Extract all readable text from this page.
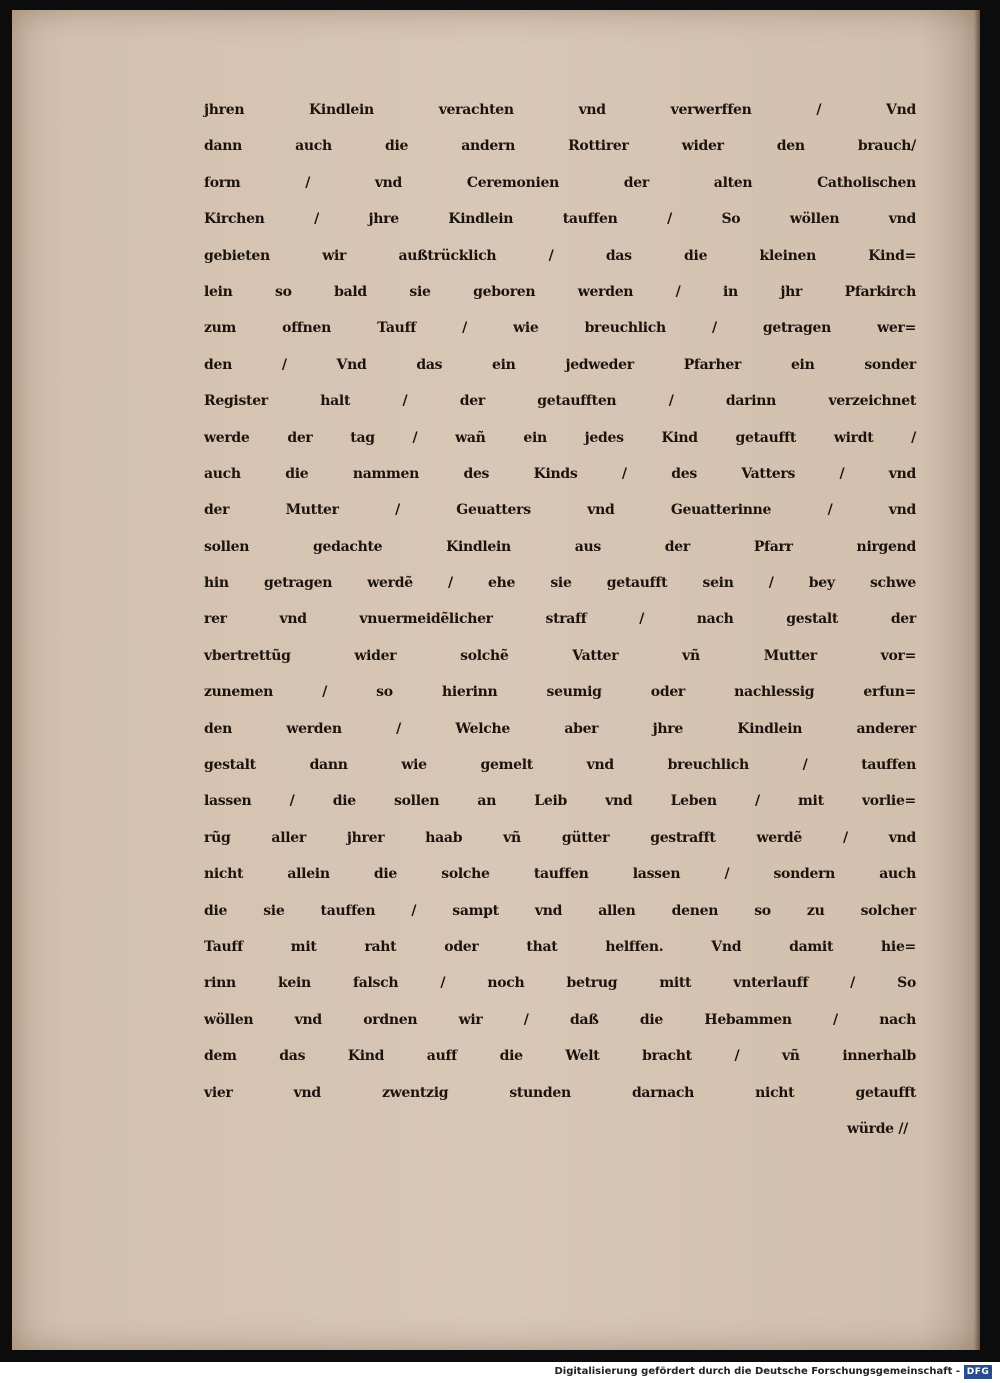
jhren Kindlein verachten vnd verwerffen / Vnd
dann auch die andern Rottirer wider den brauch/
form / vnd Ceremonien der alten Catholischen
Kirchen / jhre Kindlein tauffen / So wöllen vnd
gebieten wir außtrücklich / das die kleinen Kind=
lein so bald sie geboren werden / in jhr Pfarkirch
zum offnen Tauff / wie breuchlich / getragen wer=
den / Vnd das ein jedweder Pfarher ein sonder
Register halt / der getaufften / darinn verzeichnet
werde der tag / wañ ein jedes Kind getaufft wirdt /
auch die nammen des Kinds / des Vatters / vnd
der Mutter / Geuatters vnd Geuatterinne / vnd
sollen gedachte Kindlein aus der Pfarr nirgend
hin getragen werdẽ / ehe sie getaufft sein / bey schwe
rer vnd vnuermeidẽlicher straff / nach gestalt der
vbertrettũg wider solchẽ Vatter vñ Mutter vor=
zunemen / so hierinn seumig oder nachlessig erfun=
den werden / Welche aber jhre Kindlein anderer
gestalt dann wie gemelt vnd breuchlich / tauffen
lassen / die sollen an Leib vnd Leben / mit vorlie=
rũg aller jhrer haab vñ gütter gestrafft werdẽ / vnd
nicht allein die solche tauffen lassen / sondern auch
die sie tauffen / sampt vnd allen denen so zu solcher
Tauff mit raht oder that helffen. Vnd damit hie=
rinn kein falsch / noch betrug mitt vnterlauff / So
wöllen vnd ordnen wir / daß die Hebammen / nach
dem das Kind auff die Welt bracht / vñ innerhalb
vier vnd zwentzig stunden darnach nicht getaufft
würde //
Digitalisierung gefördert durch die Deutsche Forschungsgemeinschaft - DFG
